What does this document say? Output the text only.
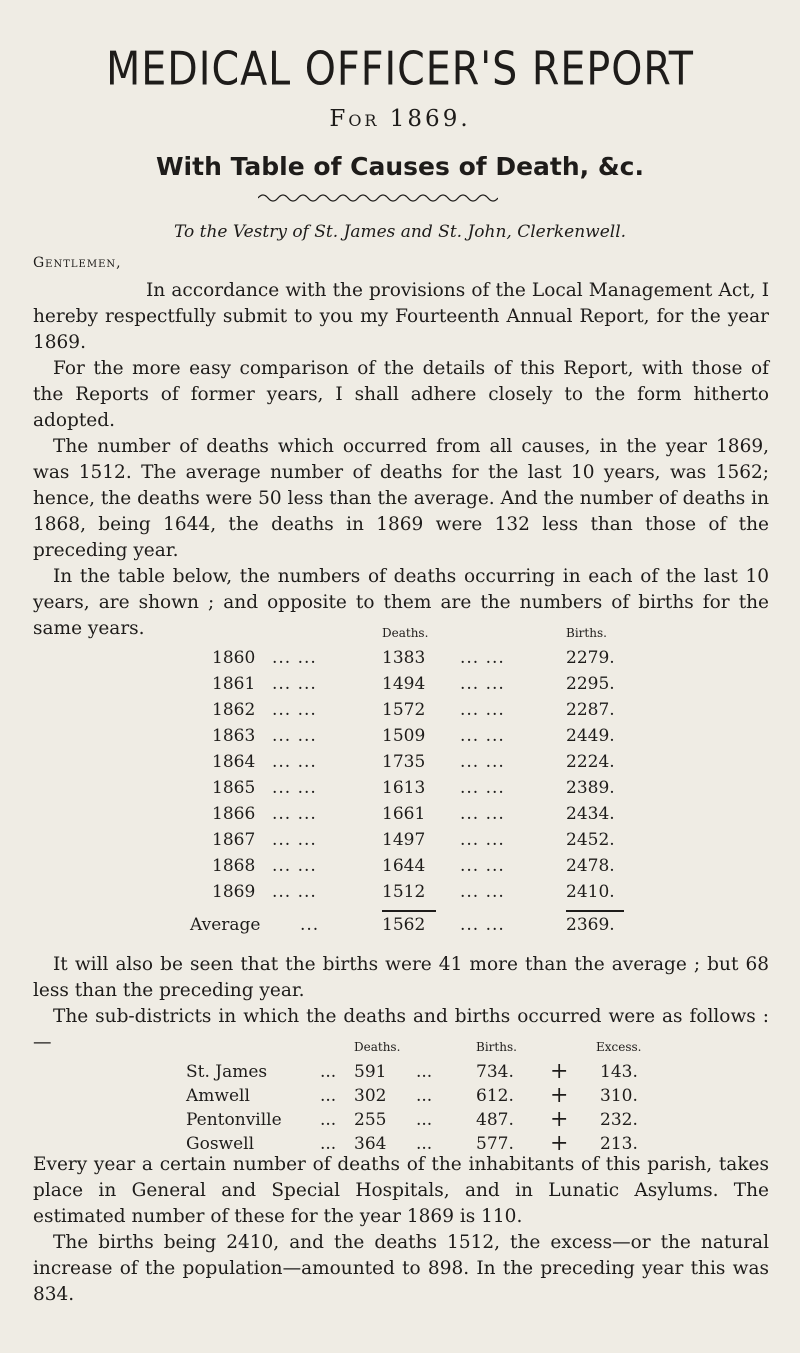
MEDICAL OFFICER'S REPORT
For 1869.
With Table of Causes of Death, &c.
To the Vestry of St. James and St. John, Clerkenwell.
Gentlemen,
In accordance with the provisions of the Local Management Act, I hereby respectfully submit to you my Fourteenth Annual Report, for the year 1869.
For the more easy comparison of the details of this Report, with those of the Reports of former years, I shall adhere closely to the form hitherto adopted.
The number of deaths which occurred from all causes, in the year 1869, was 1512. The average number of deaths for the last 10 years, was 1562; hence, the deaths were 50 less than the average. And the number of deaths in 1868, being 1644, the deaths in 1869 were 132 less than those of the preceding year.
In the table below, the numbers of deaths occurring in each of the last 10 years, are shown ; and opposite to them are the numbers of births for the same years.	Deaths.	Births.
1860 ... ...	1383 ... ...	2279.
1861 ... ...	1494 ... ...	2295.
1862 ... ...	1572 ... ...	2287.
1863 ... ...	1509 ... ...	2449.
1864 ... ...	1735 ... ...	2224.
1865 ... ...	1613 ... ...	2389.
1866 ... ...	1661 ... ...	2434.
1867 ... ...	1497 ... ...	2452.
1868 ... ...	1644 ... ...	2478.
1869 ... ...	1512 ... ...	2410.
Average ...	1562 ... ...	2369.
It will also be seen that the births were 41 more than the average ; but 68 less than the preceding year.
The sub-districts in which the deaths and births occurred were as follows :—	Deaths.	Births.	Excess.
St. James	... 591 ...	734. + 143.
Amwell	... 302 ...	612. + 310.
Pentonville ... 255 ...	487. + 232.
Goswell	... 364 ...	577. + 213.
Every year a certain number of deaths of the inhabitants of this parish, takes place in General and Special Hospitals, and in Lunatic Asylums. The estimated number of these for the year 1869 is 110.
The births being 2410, and the deaths 1512, the excess—or the natural increase of the population—amounted to 898. In the preceding year this was 834.
